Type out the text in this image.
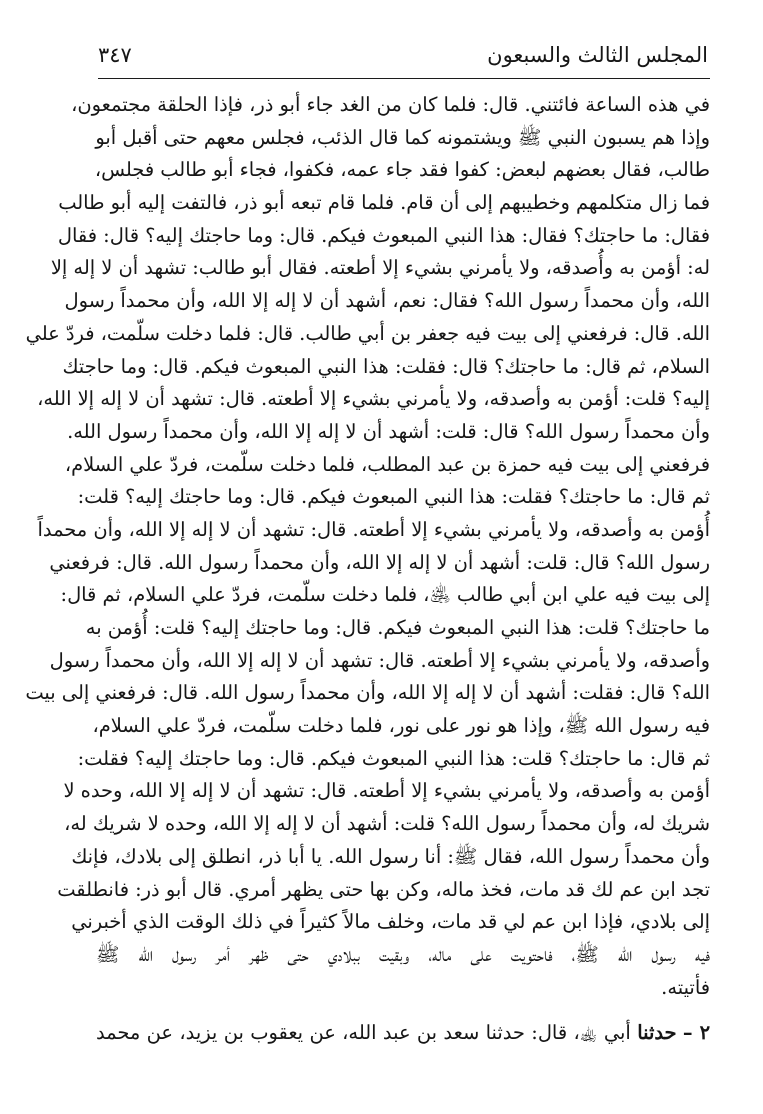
المجلس الثالث والسبعون
٣٤٧
في هذه الساعة فائتني. قال: فلما كان من الغد جاء أبو ذر، فإذا الحلقة مجتمعون،
وإذا هم يسبون النبي ﷺ ويشتمونه كما قال الذئب، فجلس معهم حتى أقبل أبو
طالب، فقال بعضهم لبعض: كفوا فقد جاء عمه، فكفوا، فجاء أبو طالب فجلس،
فما زال متكلمهم وخطيبهم إلى أن قام. فلما قام تبعه أبو ذر، فالتفت إليه أبو طالب
فقال: ما حاجتك؟ فقال: هذا النبي المبعوث فيكم. قال: وما حاجتك إليه؟ قال: فقال
له: أؤمن به وأُصدقه، ولا يأمرني بشيء إلا أطعته. فقال أبو طالب: تشهد أن لا إله إلا
الله، وأن محمداً رسول الله؟ فقال: نعم، أشهد أن لا إله إلا الله، وأن محمداً رسول
الله. قال: فرفعني إلى بيت فيه جعفر بن أبي طالب. قال: فلما دخلت سلّمت، فردّ علي
السلام، ثم قال: ما حاجتك؟ قال: فقلت: هذا النبي المبعوث فيكم. قال: وما حاجتك
إليه؟ قلت: أؤمن به وأصدقه، ولا يأمرني بشيء إلا أطعته. قال: تشهد أن لا إله إلا الله،
وأن محمداً رسول الله؟ قال: قلت: أشهد أن لا إله إلا الله، وأن محمداً رسول الله.
فرفعني إلى بيت فيه حمزة بن عبد المطلب، فلما دخلت سلّمت، فردّ علي السلام،
ثم قال: ما حاجتك؟ فقلت: هذا النبي المبعوث فيكم. قال: وما حاجتك إليه؟ قلت:
أُؤمن به وأصدقه، ولا يأمرني بشيء إلا أطعته. قال: تشهد أن لا إله إلا الله، وأن محمداً
رسول الله؟ قال: قلت: أشهد أن لا إله إلا الله، وأن محمداً رسول الله. قال: فرفعني
إلى بيت فيه علي ابن أبي طالب ﵁، فلما دخلت سلّمت، فردّ علي السلام، ثم قال:
ما حاجتك؟ قلت: هذا النبي المبعوث فيكم. قال: وما حاجتك إليه؟ قلت: أُؤمن به
وأصدقه، ولا يأمرني بشيء إلا أطعته. قال: تشهد أن لا إله إلا الله، وأن محمداً رسول
الله؟ قال: فقلت: أشهد أن لا إله إلا الله، وأن محمداً رسول الله. قال: فرفعني إلى بيت
فيه رسول الله ﷺ، وإذا هو نور على نور، فلما دخلت سلّمت، فردّ علي السلام،
ثم قال: ما حاجتك؟ قلت: هذا النبي المبعوث فيكم. قال: وما حاجتك إليه؟ فقلت:
أؤمن به وأصدقه، ولا يأمرني بشيء إلا أطعته. قال: تشهد أن لا إله إلا الله، وحده لا
شريك له، وأن محمداً رسول الله؟ قلت: أشهد أن لا إله إلا الله، وحده لا شريك له،
وأن محمداً رسول الله، فقال ﷺ: أنا رسول الله. يا أبا ذر، انطلق إلى بلادك، فإنك
تجد ابن عم لك قد مات، فخذ ماله، وكن بها حتى يظهر أمري. قال أبو ذر: فانطلقت
إلى بلادي، فإذا ابن عم لي قد مات، وخلف مالاً كثيراً في ذلك الوقت الذي أخبرني
فيه رسول الله ﷺ، فاحتويت على ماله، وبقيت ببلادي حتى ظهر أمر رسول الله ﷺ
فأتيته.
٢ – حدثنا أبي ﵀، قال: حدثنا سعد بن عبد الله، عن يعقوب بن يزيد، عن محمد
